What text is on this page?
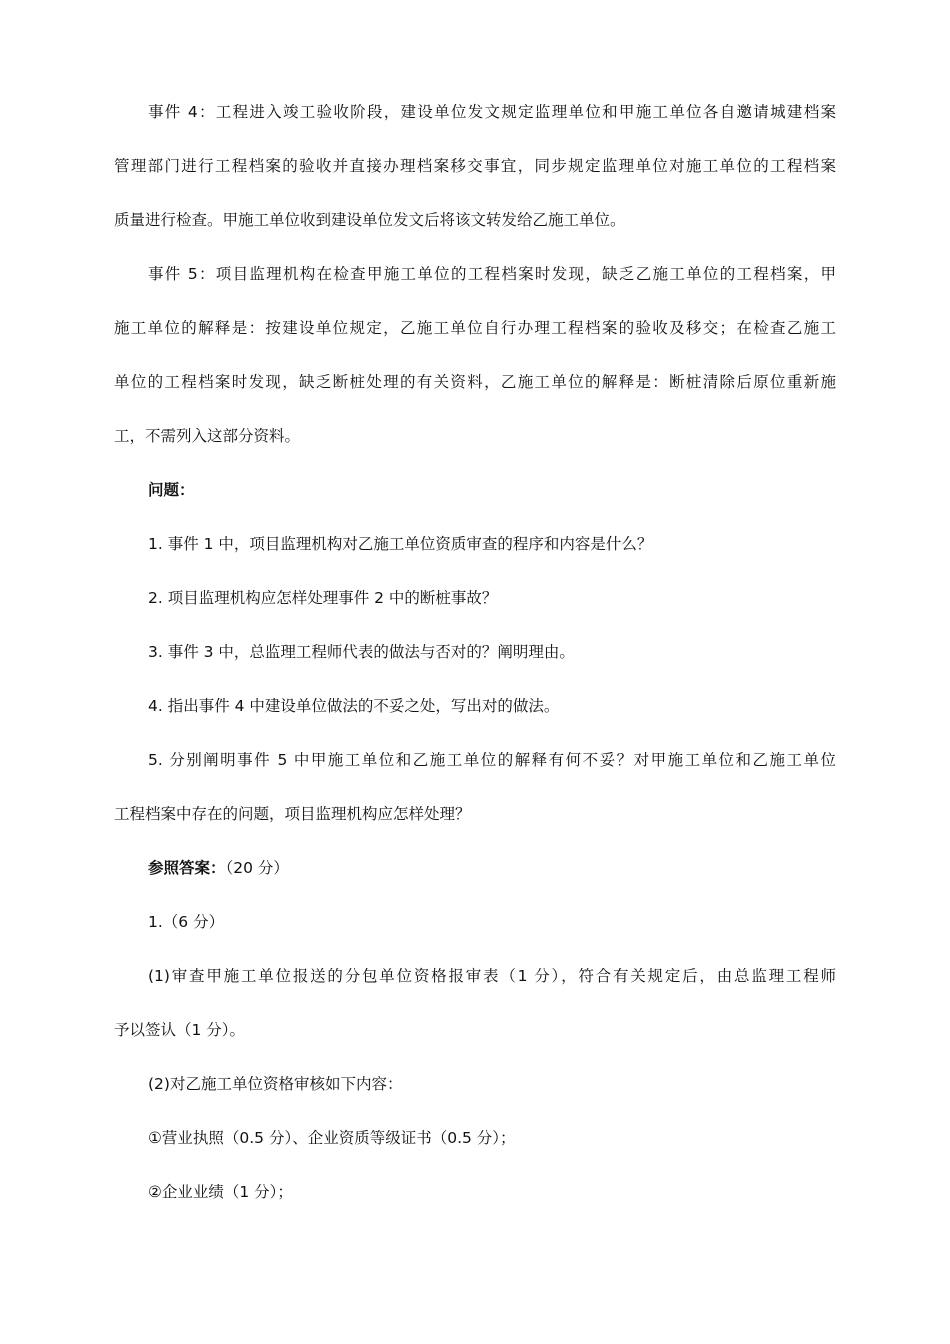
事件 4：工程进入竣工验收阶段，建设单位发文规定监理单位和甲施工单位各自邀请城建档案
管理部门进行工程档案的验收并直接办理档案移交事宜，同步规定监理单位对施工单位的工程档案
质量进行检查。甲施工单位收到建设单位发文后将该文转发给乙施工单位。
事件 5：项目监理机构在检查甲施工单位的工程档案时发现，缺乏乙施工单位的工程档案，甲
施工单位的解释是：按建设单位规定，乙施工单位自行办理工程档案的验收及移交；在检查乙施工
单位的工程档案时发现，缺乏断桩处理的有关资料，乙施工单位的解释是：断桩清除后原位重新施
工，不需列入这部分资料。
问题：
1. 事件 1 中，项目监理机构对乙施工单位资质审查的程序和内容是什么？
2. 项目监理机构应怎样处理事件 2 中的断桩事故？
3. 事件 3 中，总监理工程师代表的做法与否对的？阐明理由。
4. 指出事件 4 中建设单位做法的不妥之处，写出对的做法。
5. 分别阐明事件 5 中甲施工单位和乙施工单位的解释有何不妥？对甲施工单位和乙施工单位
工程档案中存在的问题，项目监理机构应怎样处理？
参照答案：（20 分）
1.（6 分）
(1)审查甲施工单位报送的分包单位资格报审表（1 分），符合有关规定后，由总监理工程师
予以签认（1 分）。
(2)对乙施工单位资格审核如下内容：
①营业执照（0.5 分）、企业资质等级证书（0.5 分）；
②企业业绩（1 分）；
